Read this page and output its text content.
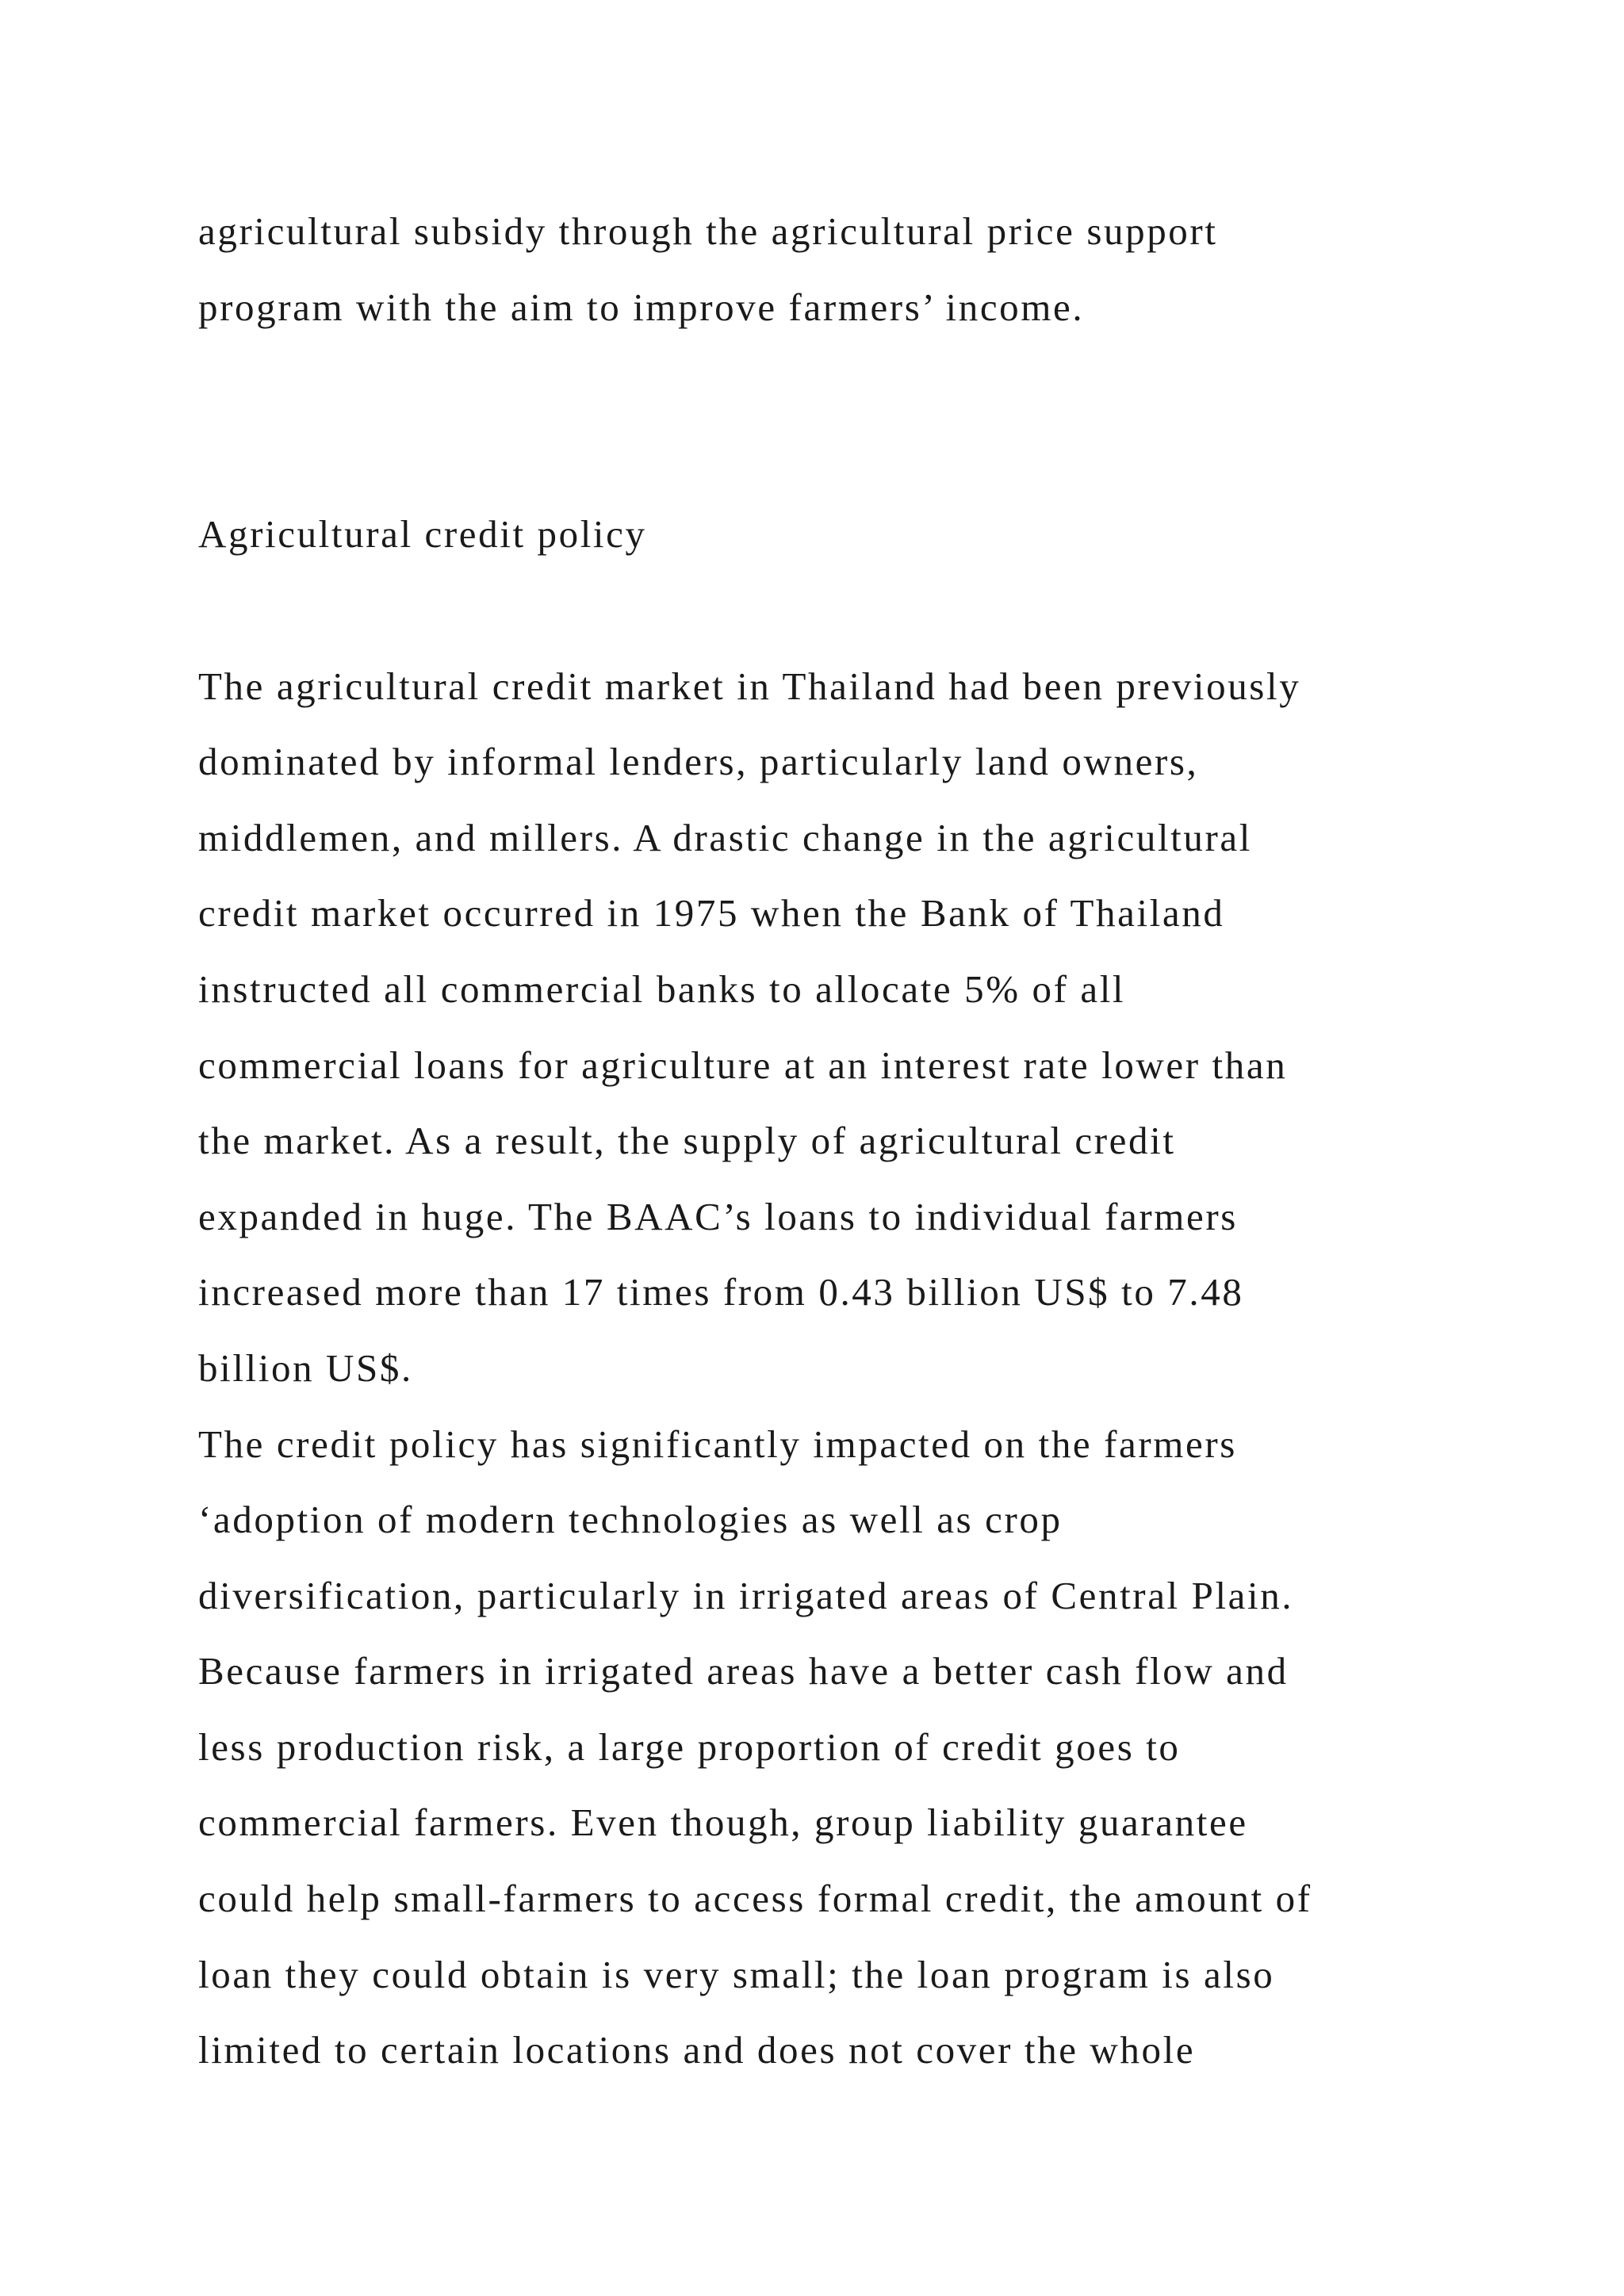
agricultural subsidy through the agricultural price support
program with the aim to improve farmers’ income.
Agricultural credit policy
The agricultural credit market in Thailand had been previously
dominated by informal lenders, particularly land owners,
middlemen, and millers. A drastic change in the agricultural
credit market occurred in 1975 when the Bank of Thailand
instructed all commercial banks to allocate 5% of all
commercial loans for agriculture at an interest rate lower than
the market. As a result, the supply of agricultural credit
expanded in huge. The BAAC’s loans to individual farmers
increased more than 17 times from 0.43 billion US$ to 7.48
billion US$.
The credit policy has significantly impacted on the farmers
‘adoption of modern technologies as well as crop
diversification, particularly in irrigated areas of Central Plain.
Because farmers in irrigated areas have a better cash flow and
less production risk, a large proportion of credit goes to
commercial farmers. Even though, group liability guarantee
could help small-farmers to access formal credit, the amount of
loan they could obtain is very small; the loan program is also
limited to certain locations and does not cover the whole
